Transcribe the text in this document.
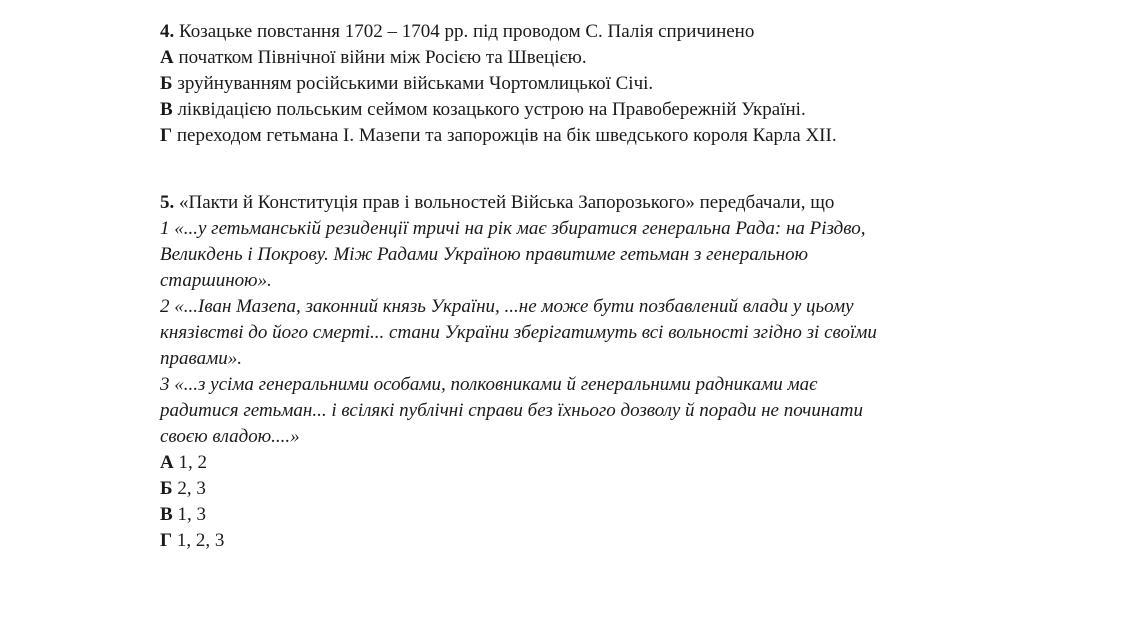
4. Козацьке повстання 1702 – 1704 рр. під проводом С. Палія спричинено
А початком Північної війни між Росією та Швецією.
Б зруйнуванням російськими військами Чортомлицької Січі.
В ліквідацією польським сеймом козацького устрою на Правобережній Україні.
Г переходом гетьмана І. Мазепи та запорожців на бік шведського короля Карла ХІІ.
5. «Пакти й Конституція прав і вольностей Війська Запорозького» передбачали, що
1 «...у гетьманській резиденції тричі на рік має збиратися генеральна Рада: на Різдво,
Великдень і Покрову. Між Радами Україною правитиме гетьман з генеральною
старшиною».
2 «...Іван Мазепа, законний князь України, ...не може бути позбавлений влади у цьому
князівстві до його смерті... стани України зберігатимуть всі вольності згідно зі своїми
правами».
3 «...з усіма генеральними особами, полковниками й генеральними радниками має
радитися гетьман... і всілякі публічні справи без їхнього дозволу й поради не починати
своєю владою....»
А 1, 2
Б 2, 3
В 1, 3
Г 1, 2, 3
